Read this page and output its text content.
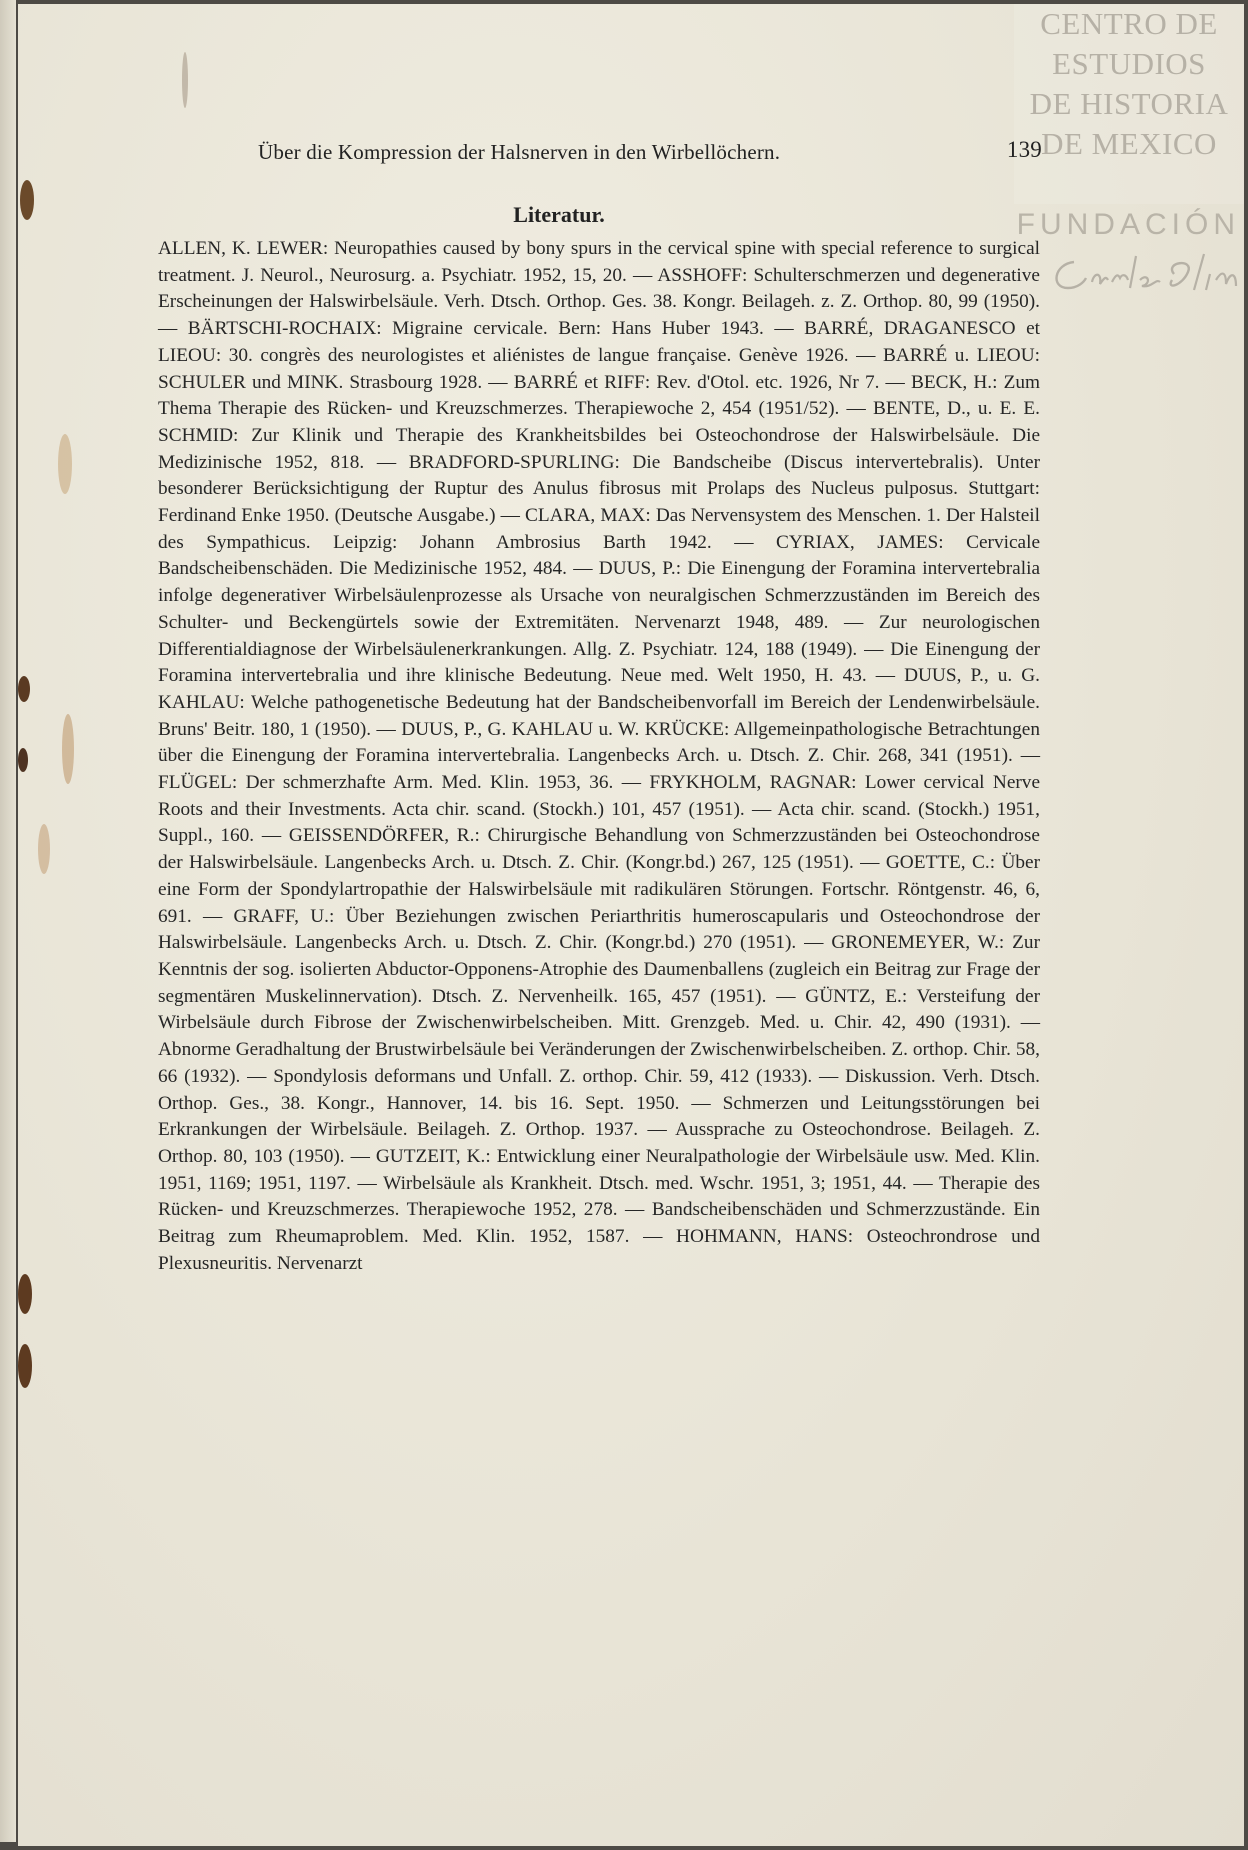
CENTRO DE
ESTUDIOS
DE HISTORIA
DE MEXICO
FUNDACIÓN
Über die Kompression der Halsnerven in den Wirbellöchern.	139
Literatur.

ALLEN, K. LEWER: Neuropathies caused by bony spurs in the cervical spine with special reference to surgical treatment. J. Neurol., Neurosurg. a. Psychiatr. 1952, 15, 20. — ASSHOFF: Schulterschmerzen und degenerative Erscheinungen der Halswirbelsäule. Verh. Dtsch. Orthop. Ges. 38. Kongr. Beilageh. z. Z. Orthop. 80, 99 (1950). — BÄRTSCHI-ROCHAIX: Migraine cervicale. Bern: Hans Huber 1943. — BARRÉ, DRAGANESCO et LIEOU: 30. congrès des neurologistes et aliénistes de langue française. Genève 1926. — BARRÉ u. LIEOU: SCHULER und MINK. Strasbourg 1928. — BARRÉ et RIFF: Rev. d'Otol. etc. 1926, Nr 7. — BECK, H.: Zum Thema Therapie des Rücken- und Kreuzschmerzes. Therapiewoche 2, 454 (1951/52). — BENTE, D., u. E. E. SCHMID: Zur Klinik und Therapie des Krankheitsbildes bei Osteochondrose der Halswirbelsäule. Die Medizinische 1952, 818. — BRADFORD-SPURLING: Die Bandscheibe (Discus intervertebralis). Unter besonderer Berücksichtigung der Ruptur des Anulus fibrosus mit Prolaps des Nucleus pulposus. Stuttgart: Ferdinand Enke 1950. (Deutsche Ausgabe.) — CLARA, MAX: Das Nervensystem des Menschen. 1. Der Halsteil des Sympathicus. Leipzig: Johann Ambrosius Barth 1942. — CYRIAX, JAMES: Cervicale Bandscheibenschäden. Die Medizinische 1952, 484. — DUUS, P.: Die Einengung der Foramina intervertebralia infolge degenerativer Wirbelsäulenprozesse als Ursache von neuralgischen Schmerzzuständen im Bereich des Schulter- und Beckengürtels sowie der Extremitäten. Nervenarzt 1948, 489. — Zur neurologischen Differentialdiagnose der Wirbelsäulenerkrankungen. Allg. Z. Psychiatr. 124, 188 (1949). — Die Einengung der Foramina intervertebralia und ihre klinische Bedeutung. Neue med. Welt 1950, H. 43. — DUUS, P., u. G. KAHLAU: Welche pathogenetische Bedeutung hat der Bandscheibenvorfall im Bereich der Lendenwirbelsäule. Bruns' Beitr. 180, 1 (1950). — DUUS, P., G. KAHLAU u. W. KRÜCKE: Allgemeinpathologische Betrachtungen über die Einengung der Foramina intervertebralia. Langenbecks Arch. u. Dtsch. Z. Chir. 268, 341 (1951). — FLÜGEL: Der schmerzhafte Arm. Med. Klin. 1953, 36. — FRYKHOLM, RAGNAR: Lower cervical Nerve Roots and their Investments. Acta chir. scand. (Stockh.) 101, 457 (1951). — Acta chir. scand. (Stockh.) 1951, Suppl., 160. — GEISSENDÖRFER, R.: Chirurgische Behandlung von Schmerzzuständen bei Osteochondrose der Halswirbelsäule. Langenbecks Arch. u. Dtsch. Z. Chir. (Kongr.bd.) 267, 125 (1951). — GOETTE, C.: Über eine Form der Spondylartropathie der Halswirbelsäule mit radikulären Störungen. Fortschr. Röntgenstr. 46, 6, 691. — GRAFF, U.: Über Beziehungen zwischen Periarthritis humeroscapularis und Osteochondrose der Halswirbelsäule. Langenbecks Arch. u. Dtsch. Z. Chir. (Kongr.bd.) 270 (1951). — GRONEMEYER, W.: Zur Kenntnis der sog. isolierten Abductor-Opponens-Atrophie des Daumenballens (zugleich ein Beitrag zur Frage der segmentären Muskelinnervation). Dtsch. Z. Nervenheilk. 165, 457 (1951). — GÜNTZ, E.: Versteifung der Wirbelsäule durch Fibrose der Zwischenwirbelscheiben. Mitt. Grenzgeb. Med. u. Chir. 42, 490 (1931). — Abnorme Geradhaltung der Brustwirbelsäule bei Veränderungen der Zwischenwirbelscheiben. Z. orthop. Chir. 58, 66 (1932). — Spondylosis deformans und Unfall. Z. orthop. Chir. 59, 412 (1933). — Diskussion. Verh. Dtsch. Orthop. Ges., 38. Kongr., Hannover, 14. bis 16. Sept. 1950. — Schmerzen und Leitungsstörungen bei Erkrankungen der Wirbelsäule. Beilageh. Z. Orthop. 1937. — Aussprache zu Osteochondrose. Beilageh. Z. Orthop. 80, 103 (1950). — GUTZEIT, K.: Entwicklung einer Neuralpathologie der Wirbelsäule usw. Med. Klin. 1951, 1169; 1951, 1197. — Wirbelsäule als Krankheit. Dtsch. med. Wschr. 1951, 3; 1951, 44. — Therapie des Rücken- und Kreuzschmerzes. Therapiewoche 1952, 278. — Bandscheibenschäden und Schmerzzustände. Ein Beitrag zum Rheumaproblem. Med. Klin. 1952, 1587. — HOHMANN, HANS: Osteochrondrose und Plexusneuritis. Nervenarzt
